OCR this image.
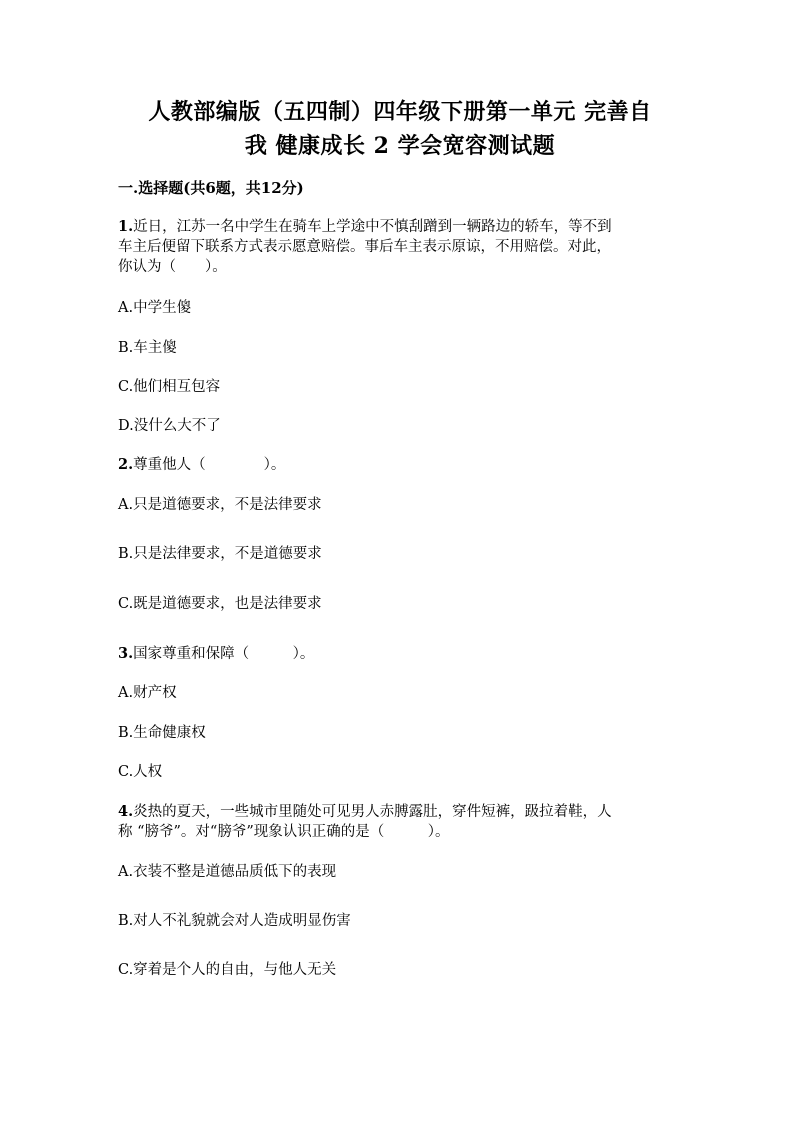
人教部编版（五四制）四年级下册第一单元 完善自
我 健康成长 2 学会宽容测试题
一.选择题(共6题，共12分)
1.近日，江苏一名中学生在骑车上学途中不慎刮蹭到一辆路边的轿车，等不到
车主后便留下联系方式表示愿意赔偿。事后车主表示原谅，不用赔偿。对此，
你认为（　　）。
A.中学生傻
B.车主傻
C.他们相互包容
D.没什么大不了
2.尊重他人（　　　　）。
A.只是道德要求，不是法律要求
B.只是法律要求，不是道德要求
C.既是道德要求，也是法律要求
3.国家尊重和保障（　　　）。
A.财产权
B.生命健康权
C.人权
4.炎热的夏天，一些城市里随处可见男人赤膊露肚，穿件短裤，趿拉着鞋，人
称 “膀爷”。对“膀爷”现象认识正确的是（　　　）。
A.衣装不整是道德品质低下的表现
B.对人不礼貌就会对人造成明显伤害
C.穿着是个人的自由，与他人无关
